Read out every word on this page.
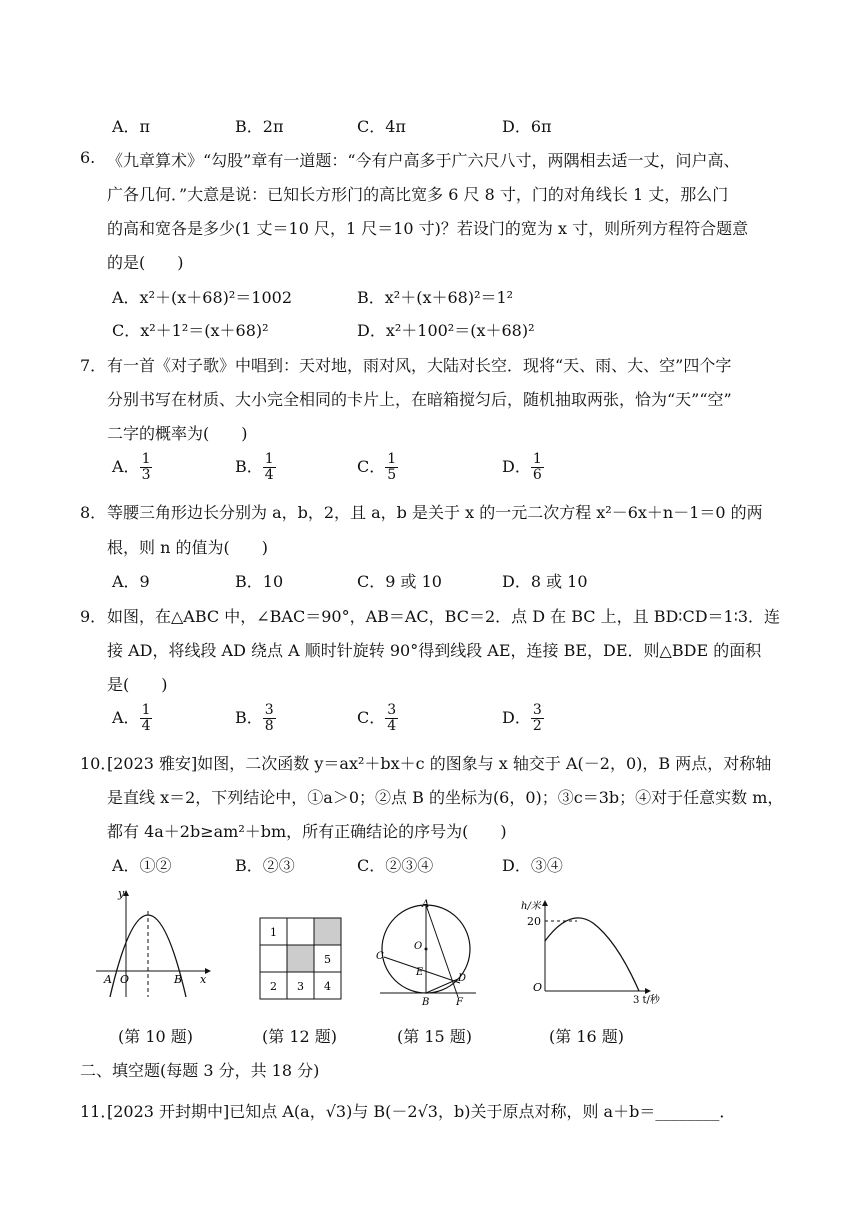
A．π	B．2π	C．4π	D．6π
6. 《九章算术》“勾股”章有一道题：“今有户高多于广六尺八寸，两隅相去适一丈，问户高、
广各几何．”大意是说：已知长方形门的高比宽多 6 尺 8 寸，门的对角线长 1 丈，那么门
的高和宽各是多少(1 丈＝10 尺，1 尺＝10 寸)？若设门的宽为 x 寸，则所列方程符合题意
的是(　　)
A．x²＋(x＋68)²＝1002	B．x²＋(x＋68)²＝1²
C．x²＋1²＝(x＋68)²	D．x²＋100²＝(x＋68)²
7． 有一首《对子歌》中唱到：天对地，雨对风，大陆对长空．现将“天、雨、大、空”四个字
分别书写在材质、大小完全相同的卡片上，在暗箱搅匀后，随机抽取两张，恰为“天”“空”
二字的概率为(　　)
A． $\frac{1}{3}$	B． $\frac{1}{4}$	C． $\frac{1}{5}$	D． $\frac{1}{6}$
8． 等腰三角形边长分别为 a，b，2，且 a，b 是关于 x 的一元二次方程 x²－6x＋n－1＝0 的两
根，则 n 的值为(　　)
A．9	B．10	C．9 或 10	D．8 或 10
9． 如图，在△ABC 中，∠BAC＝90°，AB＝AC，BC＝2．点 D 在 BC 上，且 BD∶CD＝1∶3．连
接 AD，将线段 AD 绕点 A 顺时针旋转 90°得到线段 AE，连接 BE，DE．则△BDE 的面积
是(　　)
A． $\frac{1}{4}$	B． $\frac{3}{8}$	C． $\frac{3}{4}$	D． $\frac{3}{2}$
10．
[2023 雅安]如图，二次函数 y＝ax²＋bx＋c 的图象与 x 轴交于 A(－2，0)，B 两点，对称轴
是直线 x＝2，下列结论中，①a＞0；②点 B 的坐标为(6，0)；③c＝3b；④对于任意实数 m，
都有 4a＋2b≥am²＋bm，所有正确结论的序号为(　　)
A．①②	B．②③	C．②③④	D．③④
y
x
A O	B
1
5
2 3 4
A
C
O
E
D
B	F
h/米
20
O
3 t/秒
(第 10 题)	(第 12 题)	(第 15 题)	(第 16 题)
二、填空题(每题 3 分，共 18 分)
11．
[2023 开封期中]已知点 A(a，√3)与 B(－2√3，b)关于原点对称，则 a＋b＝________．
